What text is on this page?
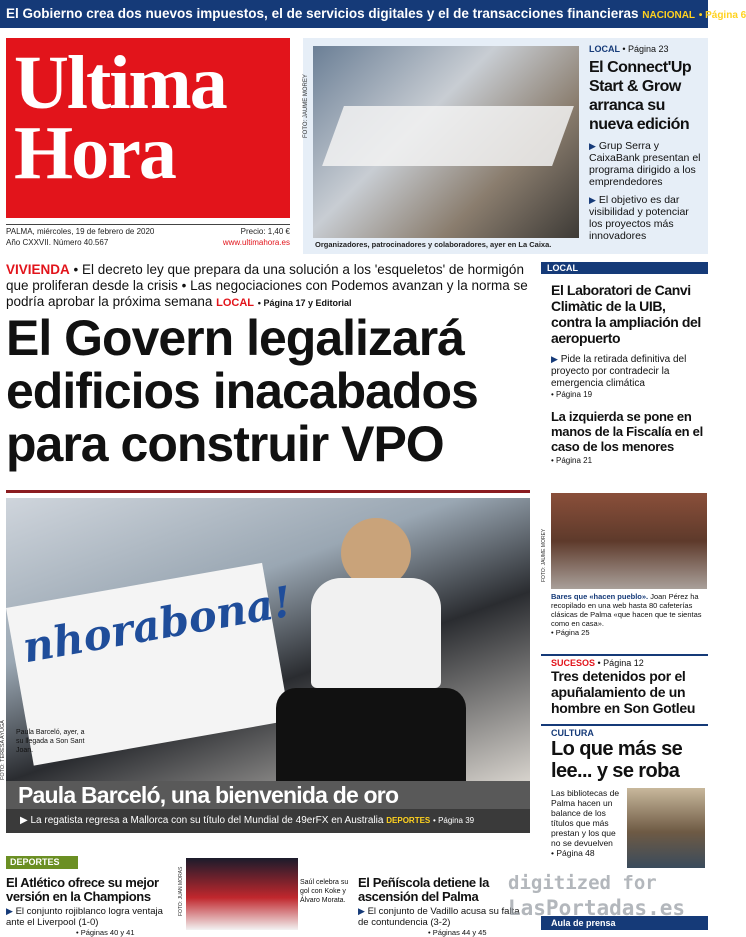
El Gobierno crea dos nuevos impuestos, el de servicios digitales y el de transacciones financieras NACIONAL • Página 6
Ultima
Hora
PALMA, miércoles, 19 de febrero de 2020	Precio: 1,40 €
Año CXXVII. Número 40.567	www.ultimahora.es
FOTO: JAUME MOREY
Organizadores, patrocinadores y colaboradores, ayer en La Caixa.
LOCAL • Página 23
El Connect'Up Start & Grow arranca su nueva edición
▶ Grup Serra y CaixaBank presentan el programa dirigido a los emprendedores
▶ El objetivo es dar visibilidad y potenciar los proyectos más innovadores
VIVIENDA • El decreto ley que prepara da una solución a los 'esqueletos' de hormigón que proliferan desde la crisis • Las negociaciones con Podemos avanzan y la norma se podría aprobar la próxima semana LOCAL • Página 17 y Editorial
El Govern legalizará
edificios inacabados
para construir VPO
nhorabona!
Paula Barceló, ayer, a su llegada a Son Sant Joan.
FOTO: TERESA AYUGA
Paula Barceló, una bienvenida de oro
▶ La regatista regresa a Mallorca con su título del Mundial de 49erFX en Australia DEPORTES • Página 39
LOCAL
El Laboratori de Canvi Climàtic de la UIB, contra la ampliación del aeropuerto
▶ Pide la retirada definitiva del proyecto por contradecir la emergencia climática
• Página 19
La izquierda se pone en manos de la Fiscalía en el caso de los menores
• Página 21
FOTO: JAUME MOREY
Bares que «hacen pueblo». Joan Pérez ha recopilado en una web hasta 80 cafeterías clásicas de Palma «que hacen que te sientas como en casa».
• Página 25
SUCESOS • Página 12
Tres detenidos por el apuñalamiento de un hombre en Son Gotleu
CULTURA
Lo que más se lee... y se roba
Las bibliotecas de Palma hacen un balance de los títulos que más prestan y los que no se devuelven
• Página 48
Aula de prensa
DEPORTES
El Atlético ofrece su mejor versión en la Champions
▶ El conjunto rojiblanco logra ventaja ante el Liverpool (1-0)
• Páginas 40 y 41
FOTO: JUAN MORAS	Saúl celebra su gol con Koke y Álvaro Morata.
El Peñíscola detiene la ascensión del Palma
▶ El conjunto de Vadillo acusa su falta de contundencia (3-2)
• Páginas 44 y 45
digitized for
LasPortadas.es
